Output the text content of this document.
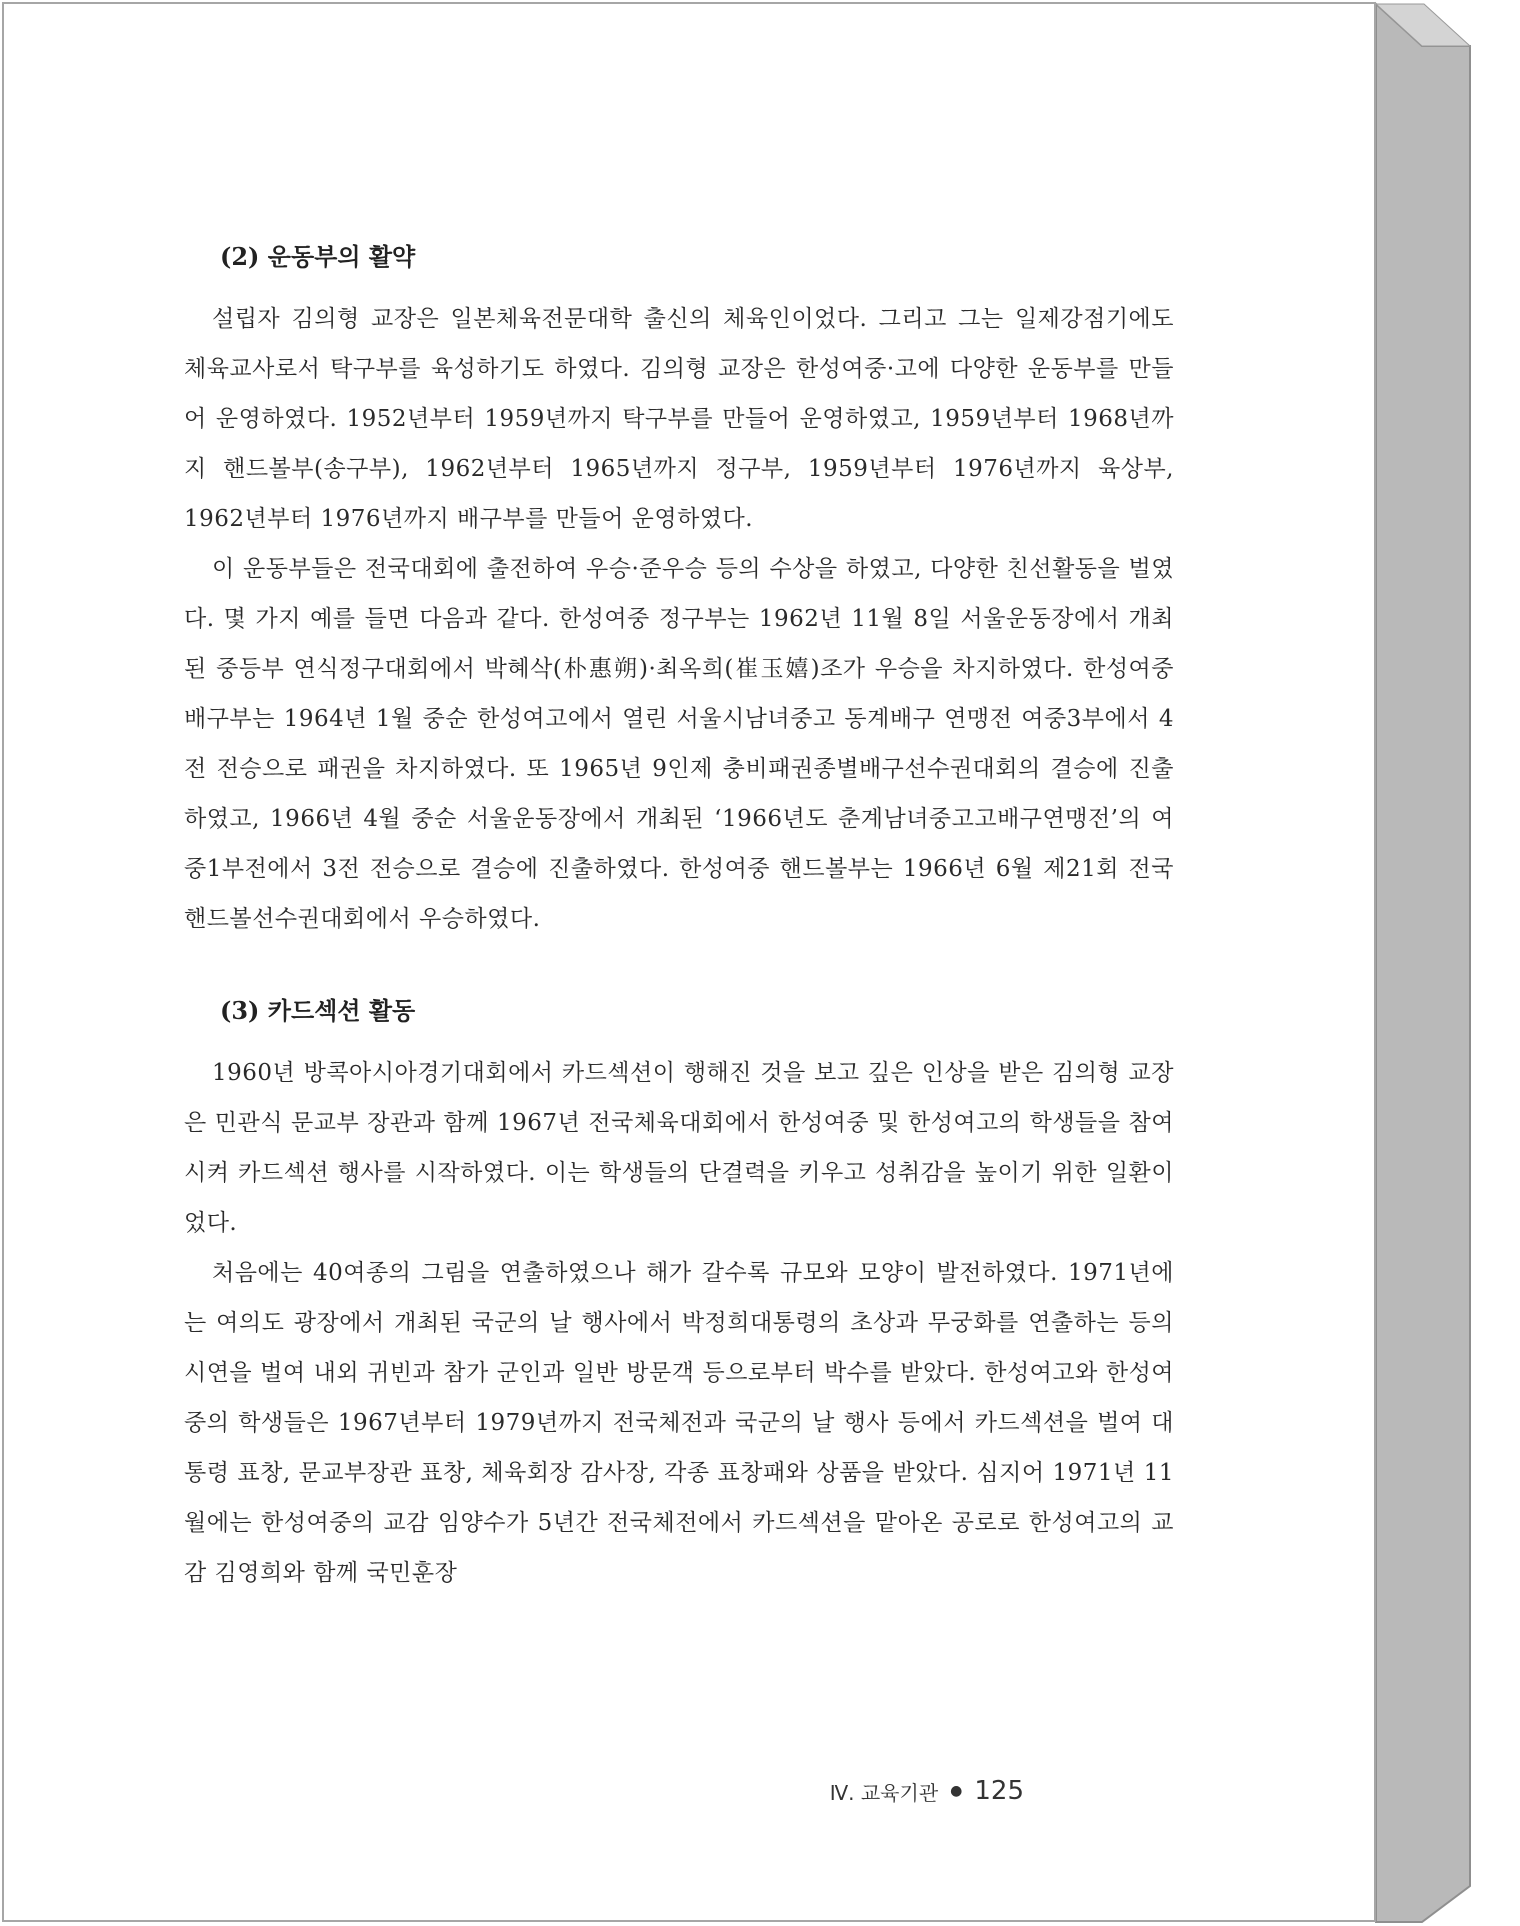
(2) 운동부의 활약

설립자 김의형 교장은 일본체육전문대학 출신의 체육인이었다. 그리고 그는 일제강점기에도 체육교사로서 탁구부를 육성하기도 하였다. 김의형 교장은 한성여중·고에 다양한 운동부를 만들어 운영하였다. 1952년부터 1959년까지 탁구부를 만들어 운영하였고, 1959년부터 1968년까지 핸드볼부(송구부), 1962년부터 1965년까지 정구부, 1959년부터 1976년까지 육상부, 1962년부터 1976년까지 배구부를 만들어 운영하였다.

이 운동부들은 전국대회에 출전하여 우승·준우승 등의 수상을 하였고, 다양한 친선활동을 벌였다. 몇 가지 예를 들면 다음과 같다. 한성여중 정구부는 1962년 11월 8일 서울운동장에서 개최된 중등부 연식정구대회에서 박혜삭(朴惠朔)·최옥희(崔玉嬉)조가 우승을 차지하였다. 한성여중 배구부는 1964년 1월 중순 한성여고에서 열린 서울시남녀중고 동계배구 연맹전 여중3부에서 4전 전승으로 패권을 차지하였다. 또 1965년 9인제 충비패권종별배구선수권대회의 결승에 진출하였고, 1966년 4월 중순 서울운동장에서 개최된 ‘1966년도 춘계남녀중고고배구연맹전’의 여중1부전에서 3전 전승으로 결승에 진출하였다. 한성여중 핸드볼부는 1966년 6월 제21회 전국핸드볼선수권대회에서 우승하였다.

(3) 카드섹션 활동

1960년 방콕아시아경기대회에서 카드섹션이 행해진 것을 보고 깊은 인상을 받은 김의형 교장은 민관식 문교부 장관과 함께 1967년 전국체육대회에서 한성여중 및 한성여고의 학생들을 참여시켜 카드섹션 행사를 시작하였다. 이는 학생들의 단결력을 키우고 성취감을 높이기 위한 일환이었다.

처음에는 40여종의 그림을 연출하였으나 해가 갈수록 규모와 모양이 발전하였다. 1971년에는 여의도 광장에서 개최된 국군의 날 행사에서 박정희대통령의 초상과 무궁화를 연출하는 등의 시연을 벌여 내외 귀빈과 참가 군인과 일반 방문객 등으로부터 박수를 받았다. 한성여고와 한성여중의 학생들은 1967년부터 1979년까지 전국체전과 국군의 날 행사 등에서 카드섹션을 벌여 대통령 표창, 문교부장관 표창, 체육회장 감사장, 각종 표창패와 상품을 받았다. 심지어 1971년 11월에는 한성여중의 교감 임양수가 5년간 전국체전에서 카드섹션을 맡아온 공로로 한성여고의 교감 김영희와 함께 국민훈장

Ⅳ. 교육기관 ● 125
